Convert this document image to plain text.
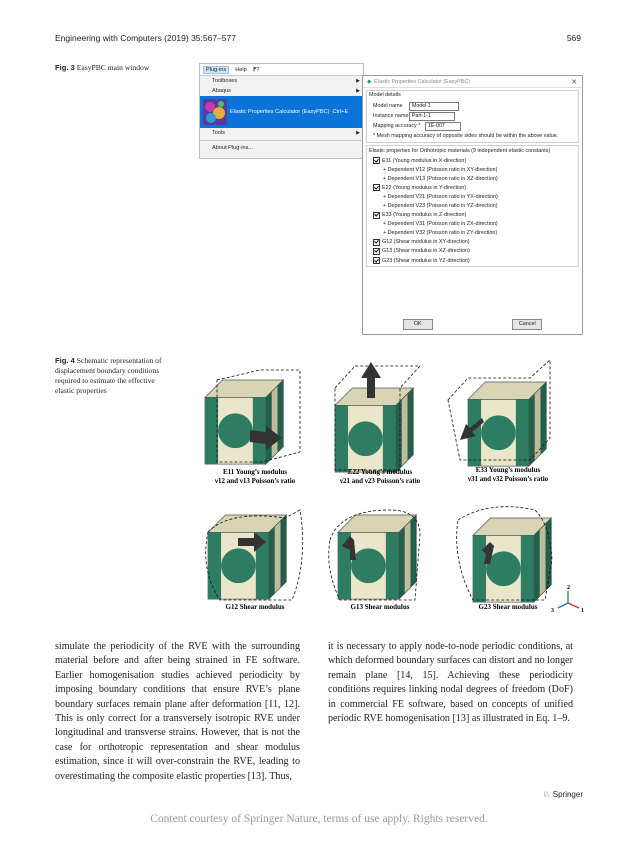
Engineering with Computers (2019) 35:567–577	569
Fig. 3 EasyPBC main window	Plug-ins	Help ⁋?
Toolboxes	▶
Abaqus	▶
Elastic Properties Calculator (EasyPBC) Ctrl+E
Tools	▶
About Plug-ins...
◆ Elastic Properties Calculator (EasyPBC)	✕
Model details
Model name	Model-1
Instance name Part-1-1
Mapping accuracy *	1E-007
* Mesh mapping accuracy of opposite sides should be within the above value.
Elastic properties for Orthotropic materials (9 independent elastic constants)
E11 (Young modulus in X-direction)
+ Dependent V12 (Poisson ratio in XY-direction)
+ Dependent V13 (Poisson ratio in XZ-direction)
E22 (Young modulus in Y-direction)
+ Dependent V21 (Poisson ratio in YX-direction)
+ Dependent V23 (Poisson ratio in YZ-direction)
E33 (Young modulus in Z-direction)
+ Dependent V31 (Poisson ratio in ZX-direction)
+ Dependent V32 (Poisson ratio in ZY-direction)
G12 (Shear modulus in XY-direction)
G13 (Shear modulus in XZ-direction)
G23 (Shear modulus in YZ-direction)
OK	Cancel
Fig. 4 Schematic representation of displacement boundary conditions required to estimate the effective elastic properties
E11 Young’s modulus
ν12 and ν13 Poisson’s ratio
E22 Young’s modulus
ν21 and ν23 Poisson’s ratio
E33 Young’s modulus
ν31 and ν32 Poisson’s ratio
G12 Shear modulus	G13 Shear modulus	G23 Shear modulus
2
1
3
simulate the periodicity of the RVE with the surrounding material before and after being strained in FE software. Earlier homogenisation studies achieved periodicity by imposing boundary conditions that ensure RVE’s plane boundary surfaces remain plane after deformation [11, 12]. This is only correct for a transversely isotropic RVE under longitudinal and transverse strains. However, that is not the case for orthotropic representation and shear modulus estimation, since it will over-constrain the RVE, leading to overestimating the composite elastic properties [13]. Thus,
it is necessary to apply node-to-node periodic conditions, at which deformed boundary surfaces can distort and no longer remain plane [14, 15]. Achieving these periodicity conditions requires linking nodal degrees of freedom (DoF) in commercial FE software, based on concepts of unified periodic RVE homogenisation [13] as illustrated in Eq. 1–9.
♘ Springer
Content courtesy of Springer Nature, terms of use apply. Rights reserved.
